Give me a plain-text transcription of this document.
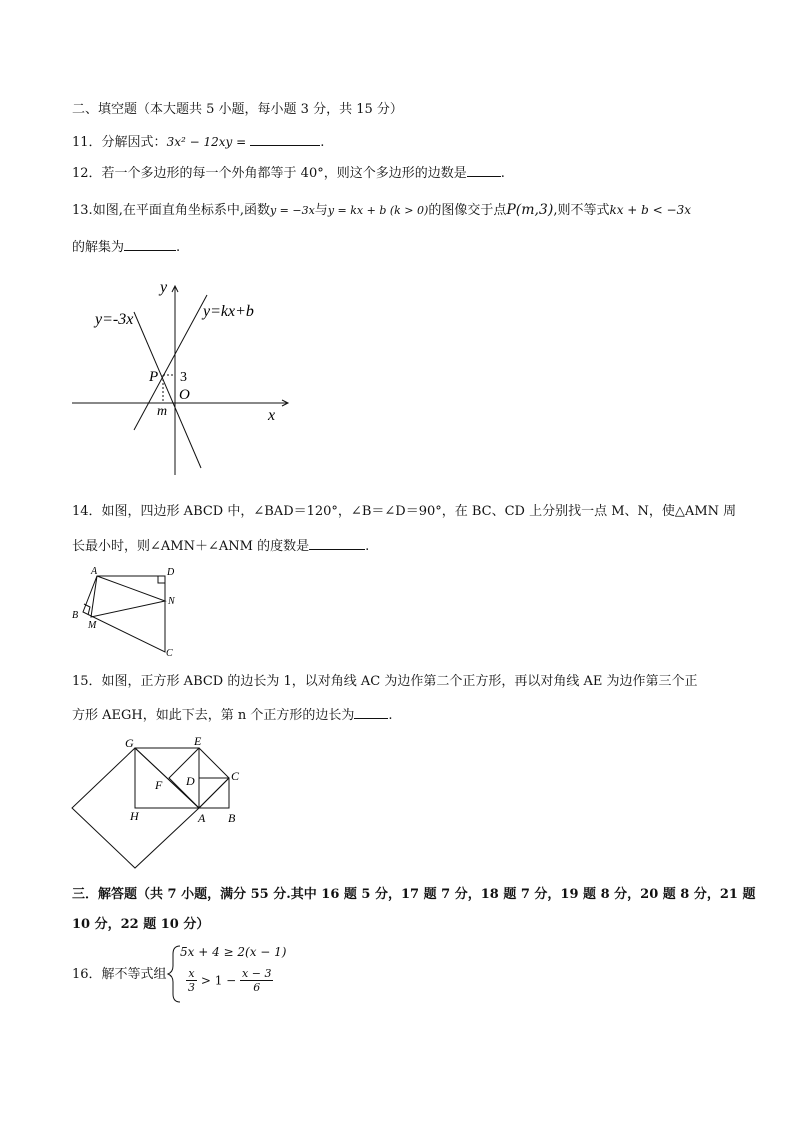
二、填空题（本大题共 5 小题，每小题 3 分，共 15 分）
11．分解因式：3x² − 12xy =	.
12．若一个多边形的每一个外角都等于 40°，则这个多边形的边数是	.
13.如图,在平面直角坐标系中,函数y = −3x与y = kx + b (k > 0)的图像交于点P(m,3),则不等式kx + b < −3x
的解集为	.
y
x
y=-3x	y=kx+b
P 3
O
m
14．如图，四边形 ABCD 中，∠BAD＝120°，∠B＝∠D＝90°，在 BC、CD 上分别找一点 M、N，使△AMN 周
长最小时，则∠AMN＋∠ANM 的度数是	.
A	D
N
B
M
C
15．如图，正方形 ABCD 的边长为 1，以对角线 AC 为边作第二个正方形，再以对角线 AE 为边作第三个正
方形 AEGH，如此下去，第 n 个正方形的边长为	.
G	E
C
D
F
H	A B
三．解答题（共 7 小题，满分 55 分.其中 16 题 5 分，17 题 7 分，18 题 7 分，19 题 8 分，20 题 8 分，21 题
10 分，22 题 10 分）
16．解不等式组
5x + 4 ≥ 2(x − 1)
$\frac{x}{3} > 1 - \frac{x - 3}{6}$
